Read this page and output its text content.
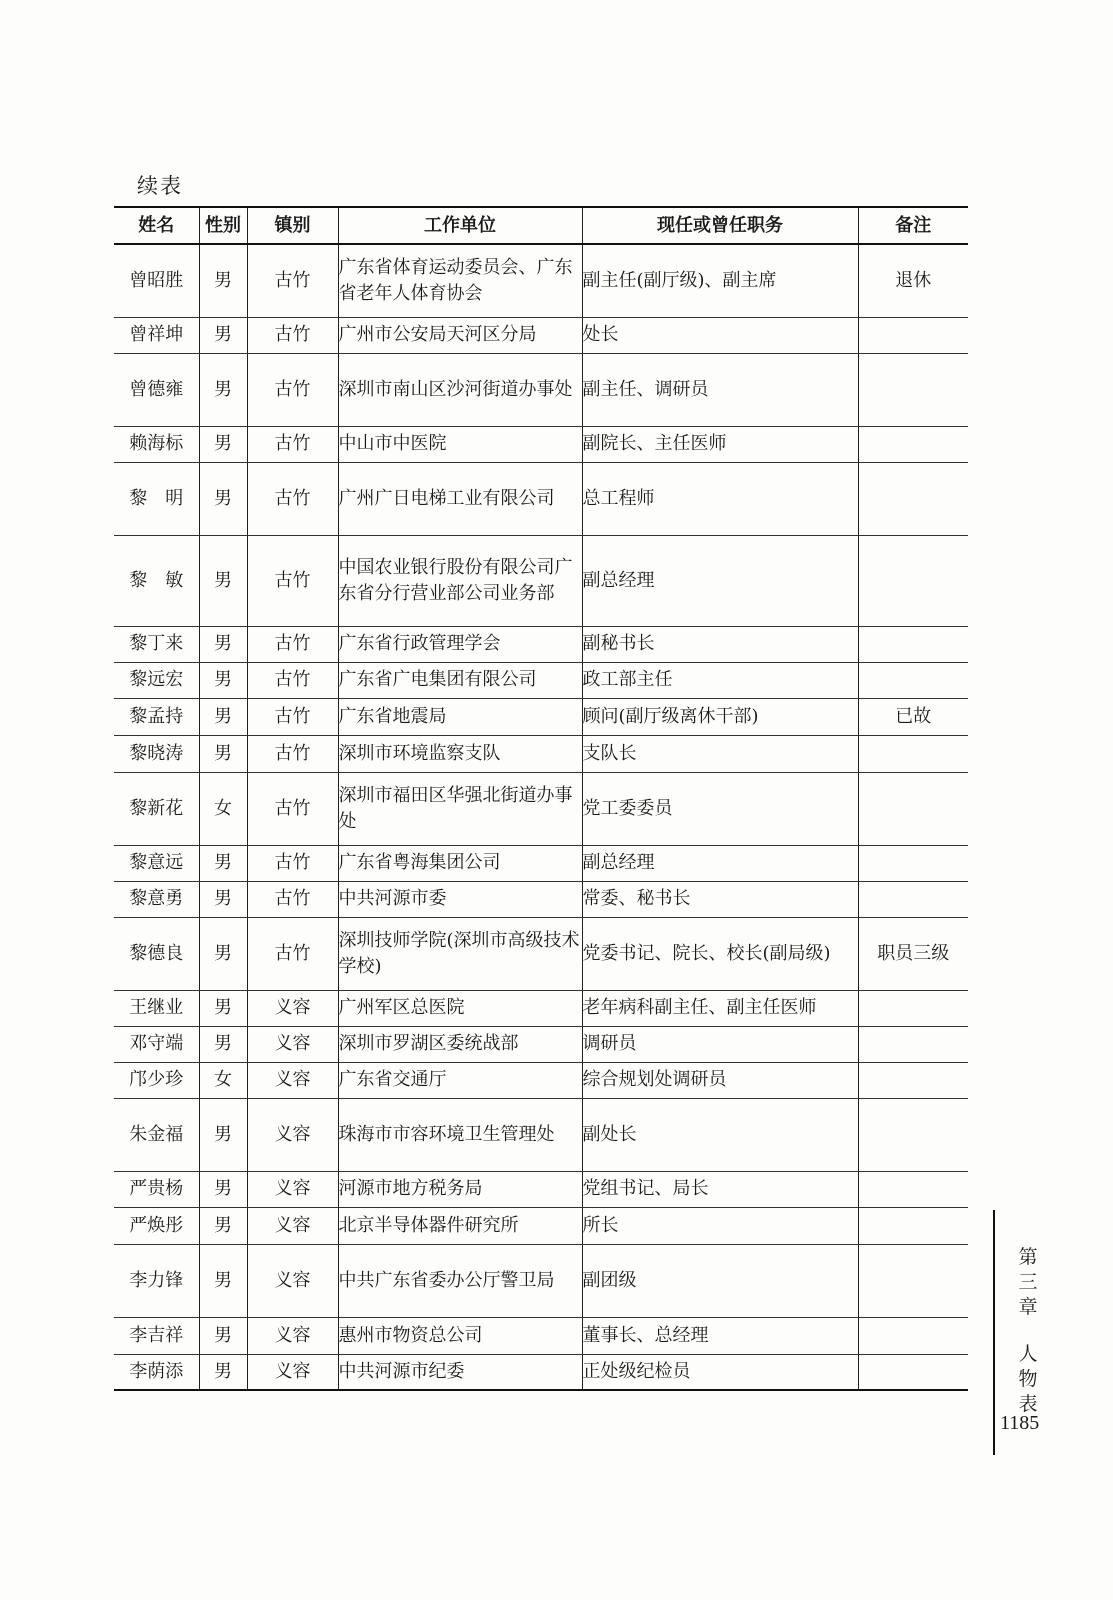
续表
姓名	性别	镇别	工作单位	现任或曾任职务	备注
曾昭胜	男	古竹	广东省体育运动委员会、广东省老年人体育协会	副主任(副厅级)、副主席	退休
曾祥坤	男	古竹	广州市公安局天河区分局	处长	
曾德雍	男	古竹	深圳市南山区沙河街道办事处	副主任、调研员	
赖海标	男	古竹	中山市中医院	副院长、主任医师	
黎　明	男	古竹	广州广日电梯工业有限公司	总工程师	
黎　敏	男	古竹	中国农业银行股份有限公司广东省分行营业部公司业务部	副总经理	
黎丁来	男	古竹	广东省行政管理学会	副秘书长	
黎远宏	男	古竹	广东省广电集团有限公司	政工部主任	
黎孟持	男	古竹	广东省地震局	顾问(副厅级离休干部)	已故
黎晓涛	男	古竹	深圳市环境监察支队	支队长	
黎新花	女	古竹	深圳市福田区华强北街道办事处	党工委委员	
黎意远	男	古竹	广东省粤海集团公司	副总经理	
黎意勇	男	古竹	中共河源市委	常委、秘书长	
黎德良	男	古竹	深圳技师学院(深圳市高级技术学校)	党委书记、院长、校长(副局级)	职员三级
王继业	男	义容	广州军区总医院	老年病科副主任、副主任医师	
邓守端	男	义容	深圳市罗湖区委统战部	调研员	
邝少珍	女	义容	广东省交通厅	综合规划处调研员	
朱金福	男	义容	珠海市市容环境卫生管理处	副处长	
严贵杨	男	义容	河源市地方税务局	党组书记、局长	
严焕彤	男	义容	北京半导体器件研究所	所长	
李力锋	男	义容	中共广东省委办公厅警卫局	副团级	
李吉祥	男	义容	惠州市物资总公司	董事长、总经理	
李荫添	男	义容	中共河源市纪委	正处级纪检员	
第
三
章
人
物
表
1185
